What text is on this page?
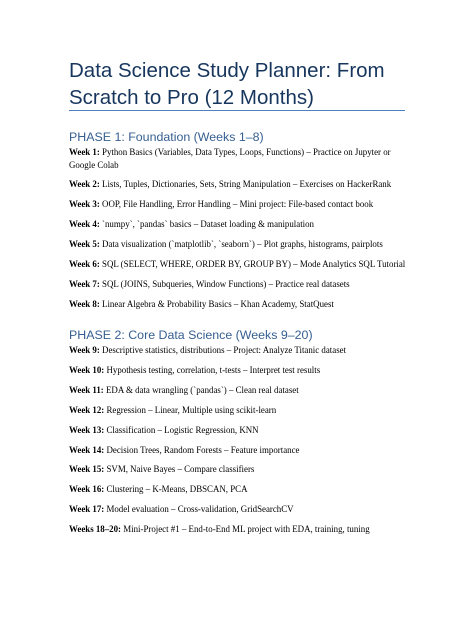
Data Science Study Planner: From Scratch to Pro (12 Months)
PHASE 1: Foundation (Weeks 1–8)

Week 1: Python Basics (Variables, Data Types, Loops, Functions) – Practice on Jupyter or Google Colab

Week 2: Lists, Tuples, Dictionaries, Sets, String Manipulation – Exercises on HackerRank

Week 3: OOP, File Handling, Error Handling – Mini project: File-based contact book

Week 4: `numpy`, `pandas` basics – Dataset loading & manipulation

Week 5: Data visualization (`matplotlib`, `seaborn`) – Plot graphs, histograms, pairplots

Week 6: SQL (SELECT, WHERE, ORDER BY, GROUP BY) – Mode Analytics SQL Tutorial

Week 7: SQL (JOINS, Subqueries, Window Functions) – Practice real datasets

Week 8: Linear Algebra & Probability Basics – Khan Academy, StatQuest

PHASE 2: Core Data Science (Weeks 9–20)

Week 9: Descriptive statistics, distributions – Project: Analyze Titanic dataset

Week 10: Hypothesis testing, correlation, t-tests – Interpret test results

Week 11: EDA & data wrangling (`pandas`) – Clean real dataset

Week 12: Regression – Linear, Multiple using scikit-learn

Week 13: Classification – Logistic Regression, KNN

Week 14: Decision Trees, Random Forests – Feature importance

Week 15: SVM, Naive Bayes – Compare classifiers

Week 16: Clustering – K-Means, DBSCAN, PCA

Week 17: Model evaluation – Cross-validation, GridSearchCV

Weeks 18–20: Mini-Project #1 – End-to-End ML project with EDA, training, tuning
